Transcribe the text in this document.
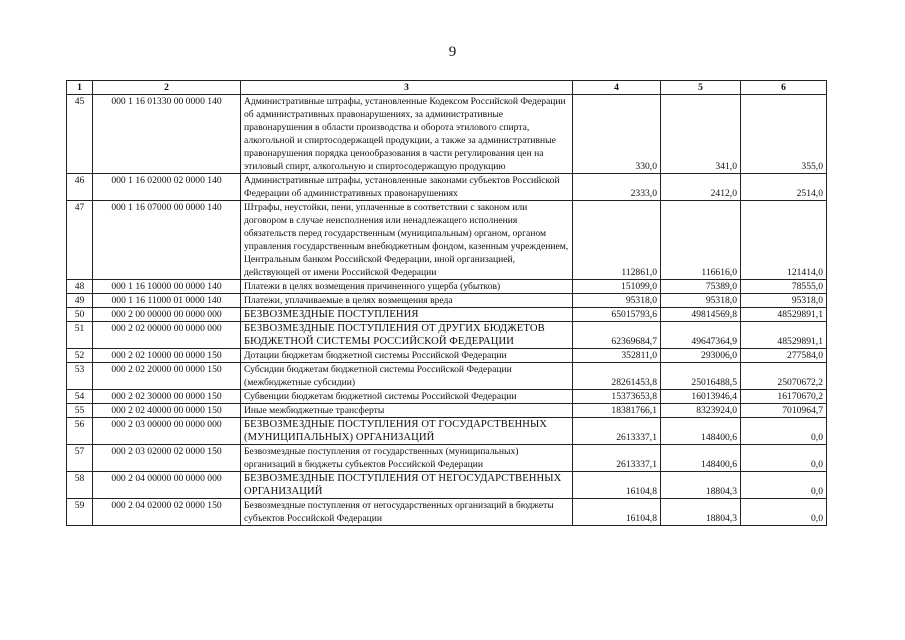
9
1	2	3	4	5	6
45	000 1 16 01330 00 0000 140	Административные штрафы, установленные Кодексом Российской Федерации об административных правонарушениях, за административные правонарушения в области производства и оборота этилового спирта, алкогольной и спиртосодержащей продукции, а также за административные правонарушения порядка ценообразования в части регулирования цен на этиловый спирт, алкогольную и спиртосодержащую продукцию	330,0	341,0	355,0
46	000 1 16 02000 02 0000 140	Административные штрафы, установленные законами субъектов Российской Федерации об административных правонарушениях	2333,0	2412,0	2514,0
47	000 1 16 07000 00 0000 140	Штрафы, неустойки, пени, уплаченные в соответствии с законом или договором в случае неисполнения или ненадлежащего исполнения обязательств перед государственным (муниципальным) органом, органом управления государственным внебюджетным фондом, казенным учреждением, Центральным банком Российской Федерации, иной организацией, действующей от имени Российской Федерации	112861,0	116616,0	121414,0
48	000 1 16 10000 00 0000 140	Платежи в целях возмещения причиненного ущерба (убытков)	151099,0	75389,0	78555,0
49	000 1 16 11000 01 0000 140	Платежи, уплачиваемые в целях возмещения вреда	95318,0	95318,0	95318,0
50	000 2 00 00000 00 0000 000	БЕЗВОЗМЕЗДНЫЕ ПОСТУПЛЕНИЯ	65015793,6	49814569,8	48529891,1
51	000 2 02 00000 00 0000 000	БЕЗВОЗМЕЗДНЫЕ ПОСТУПЛЕНИЯ ОТ ДРУГИХ БЮДЖЕТОВ БЮДЖЕТНОЙ СИСТЕМЫ РОССИЙСКОЙ ФЕДЕРАЦИИ	62369684,7	49647364,9	48529891,1
52	000 2 02 10000 00 0000 150	Дотации бюджетам бюджетной системы Российской Федерации	352811,0	293006,0	277584,0
53	000 2 02 20000 00 0000 150	Субсидии бюджетам бюджетной системы Российской Федерации (межбюджетные субсидии)	28261453,8	25016488,5	25070672,2
54	000 2 02 30000 00 0000 150	Субвенции бюджетам бюджетной системы Российской Федерации	15373653,8	16013946,4	16170670,2
55	000 2 02 40000 00 0000 150	Иные межбюджетные трансферты	18381766,1	8323924,0	7010964,7
56	000 2 03 00000 00 0000 000	БЕЗВОЗМЕЗДНЫЕ ПОСТУПЛЕНИЯ ОТ ГОСУДАРСТВЕННЫХ (МУНИЦИПАЛЬНЫХ) ОРГАНИЗАЦИЙ	2613337,1	148400,6	0,0
57	000 2 03 02000 02 0000 150	Безвозмездные поступления от государственных (муниципальных) организаций в бюджеты субъектов Российской Федерации	2613337,1	148400,6	0,0
58	000 2 04 00000 00 0000 000	БЕЗВОЗМЕЗДНЫЕ ПОСТУПЛЕНИЯ ОТ НЕГОСУДАРСТВЕННЫХ ОРГАНИЗАЦИЙ	16104,8	18804,3	0,0
59	000 2 04 02000 02 0000 150	Безвозмездные поступления от негосударственных организаций в бюджеты субъектов Российской Федерации	16104,8	18804,3	0,0
